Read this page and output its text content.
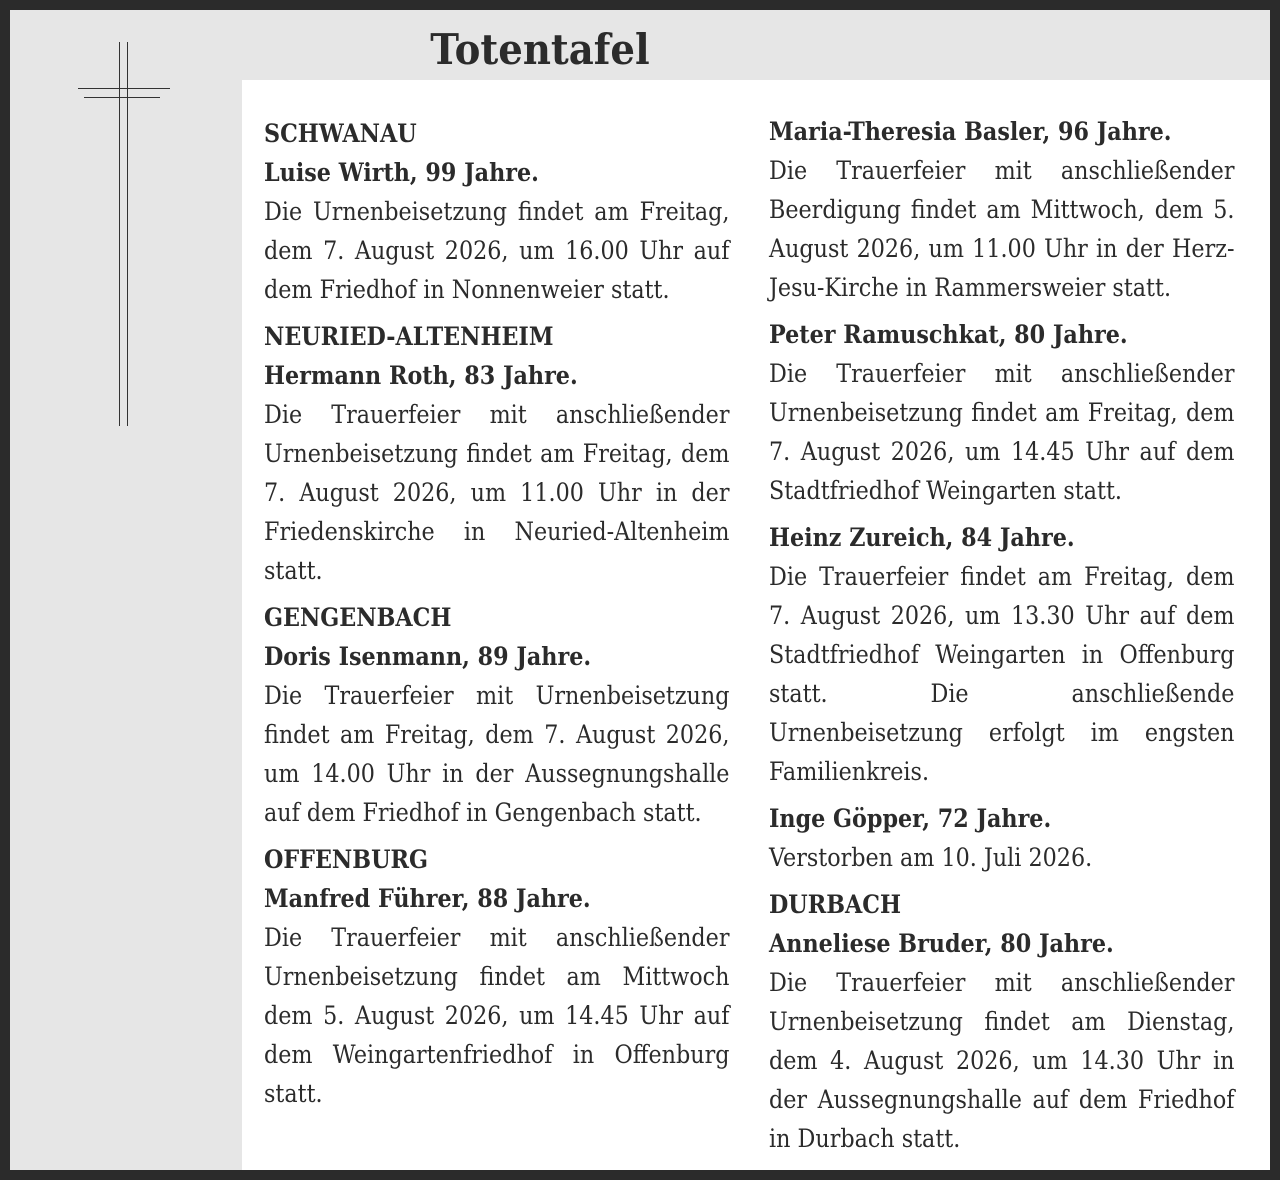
Totentafel
SCHWANAU
Luise Wirth, 99 Jahre.
Die Urnenbeisetzung findet am Freitag, dem 7. August 2026, um 16.00 Uhr auf dem Friedhof in Nonnenweier statt.
NEURIED-ALTENHEIM
Hermann Roth, 83 Jahre.
Die Trauerfeier mit anschließender Urnenbeisetzung findet am Freitag, dem 7. August 2026, um 11.00 Uhr in der Friedenskirche in Neuried-Altenheim statt.
GENGENBACH
Doris Isenmann, 89 Jahre.
Die Trauerfeier mit Urnenbeisetzung findet am Freitag, dem 7. August 2026, um 14.00 Uhr in der Aussegnungshalle auf dem Friedhof in Gengenbach statt.
OFFENBURG
Manfred Führer, 88 Jahre.
Die Trauerfeier mit anschließender Urnenbeisetzung findet am Mittwoch dem 5. August 2026, um 14.45 Uhr auf dem Weingartenfriedhof in Offenburg statt.
Maria-Theresia Basler, 96 Jahre.
Die Trauerfeier mit anschließender Beerdigung findet am Mittwoch, dem 5. August 2026, um 11.00 Uhr in der Herz-Jesu-Kirche in Rammersweier statt.
Peter Ramuschkat, 80 Jahre.
Die Trauerfeier mit anschließender Urnenbeisetzung findet am Freitag, dem 7. August 2026, um 14.45 Uhr auf dem Stadtfriedhof Weingarten statt.
Heinz Zureich, 84 Jahre.
Die Trauerfeier findet am Freitag, dem 7. August 2026, um 13.30 Uhr auf dem Stadtfriedhof Weingarten in Offenburg statt. Die anschließende Urnenbeisetzung erfolgt im engsten Familienkreis.
Inge Göpper, 72 Jahre.
Verstorben am 10. Juli 2026.
DURBACH
Anneliese Bruder, 80 Jahre.
Die Trauerfeier mit anschließender Urnenbeisetzung findet am Dienstag, dem 4. August 2026, um 14.30 Uhr in der Aussegnungshalle auf dem Friedhof in Durbach statt.
